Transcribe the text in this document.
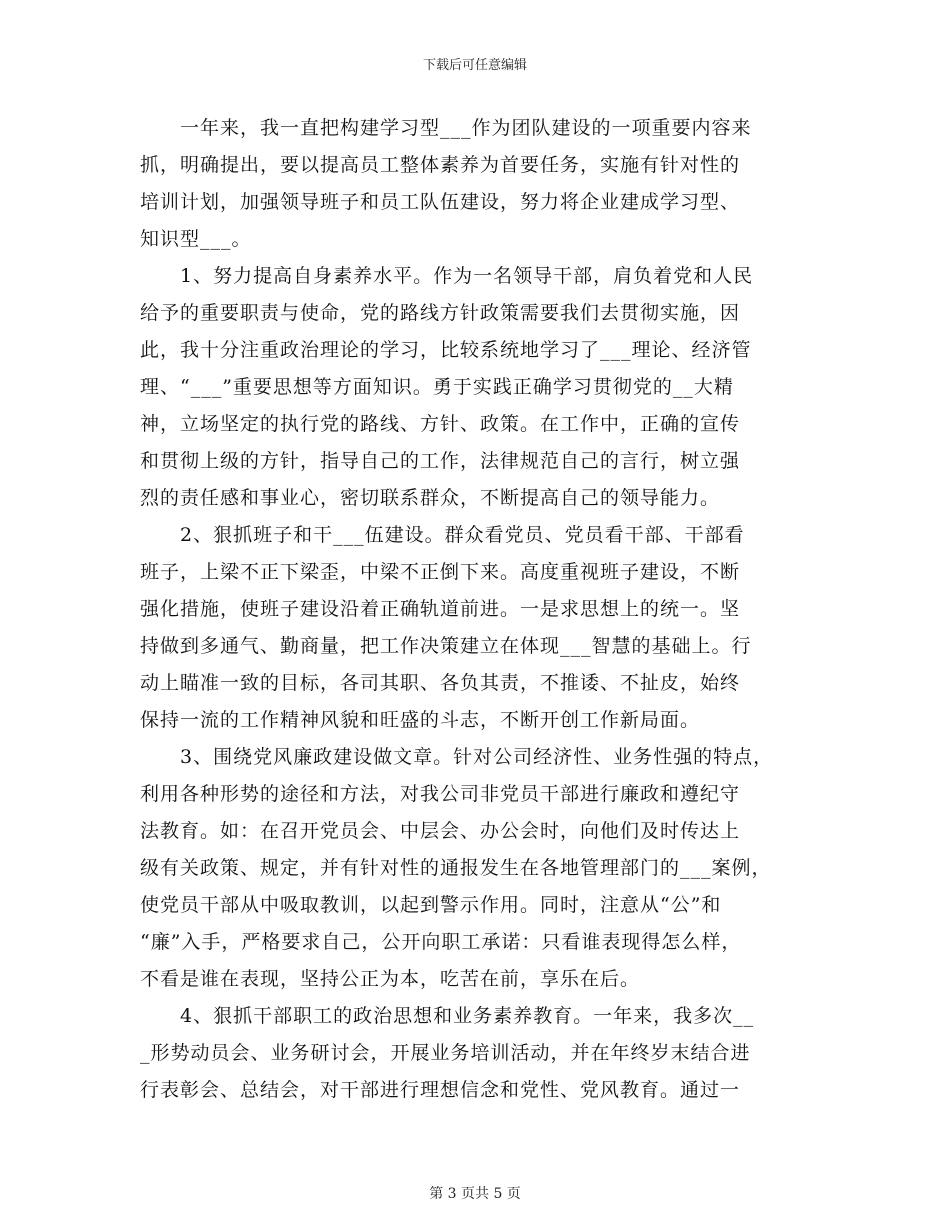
下载后可任意编辑
　　一年来，我一直把构建学习型___作为团队建设的一项重要内容来
抓，明确提出，要以提高员工整体素养为首要任务，实施有针对性的
培训计划，加强领导班子和员工队伍建设，努力将企业建成学习型、
知识型___。
　　1、努力提高自身素养水平。作为一名领导干部，肩负着党和人民
给予的重要职责与使命，党的路线方针政策需要我们去贯彻实施，因
此，我十分注重政治理论的学习，比较系统地学习了___理论、经济管
理、“___”重要思想等方面知识。勇于实践正确学习贯彻党的__大精
神，立场坚定的执行党的路线、方针、政策。在工作中，正确的宣传
和贯彻上级的方针，指导自己的工作，法律规范自己的言行，树立强
烈的责任感和事业心，密切联系群众，不断提高自己的领导能力。
　　2、狠抓班子和干___伍建设。群众看党员、党员看干部、干部看
班子，上梁不正下梁歪，中梁不正倒下来。高度重视班子建设，不断
强化措施，使班子建设沿着正确轨道前进。一是求思想上的统一。坚
持做到多通气、勤商量，把工作决策建立在体现___智慧的基础上。行
动上瞄准一致的目标，各司其职、各负其责，不推诿、不扯皮，始终
保持一流的工作精神风貌和旺盛的斗志，不断开创工作新局面。
　　3、围绕党风廉政建设做文章。针对公司经济性、业务性强的特点，
利用各种形势的途径和方法，对我公司非党员干部进行廉政和遵纪守
法教育。如：在召开党员会、中层会、办公会时，向他们及时传达上
级有关政策、规定，并有针对性的通报发生在各地管理部门的___案例，
使党员干部从中吸取教训，以起到警示作用。同时，注意从“公”和
“廉”入手，严格要求自己，公开向职工承诺：只看谁表现得怎么样，
不看是谁在表现，坚持公正为本，吃苦在前，享乐在后。
　　4、狠抓干部职工的政治思想和业务素养教育。一年来，我多次__
_形势动员会、业务研讨会，开展业务培训活动，并在年终岁末结合进
行表彰会、总结会，对干部进行理想信念和党性、党风教育。通过一
第 3 页共 5 页
